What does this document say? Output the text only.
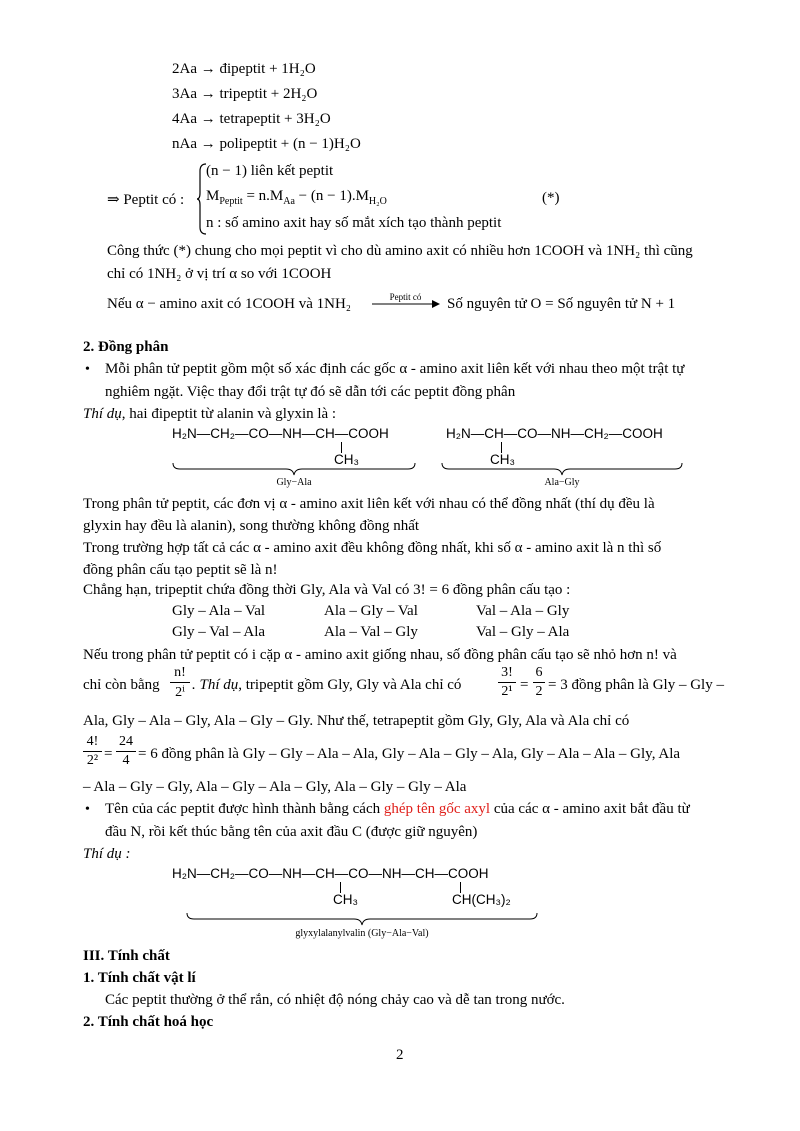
2Aa → đipeptit + 1H₂O
3Aa → tripeptit + 2H₂O
4Aa → tetrapeptit + 3H₂O
nAa → polipeptit + (n − 1)H₂O
⇒ Peptit có :
(n − 1) liên kết peptit
$M_{Peptit} = n.M_{Aa} - (n - 1).M_{H_2O}$
n : số amino axit hay số mắt xích tạo thành peptit
(*)
Công thức (*) chung cho mọi peptit vì cho dù amino axit có nhiều hơn 1COOH và 1NH₂ thì cũng
chỉ có 1NH₂ ở vị trí α so với 1COOH
Nếu α − amino axit có 1COOH và 1NH₂	Peptit có	Số nguyên tử O = Số nguyên tử N + 1
2. Đồng phân
• Mỗi phân tử peptit gồm một số xác định các gốc α - amino axit liên kết với nhau theo một trật tự
nghiêm ngặt. Việc thay đổi trật tự đó sẽ dẫn tới các peptit đồng phân
Thí dụ, hai đipeptit từ alanin và glyxin là :
H₂N—CH₂—CO—NH—CH—COOH
CH₃
Gly−Ala
H₂N—CH—CO—NH—CH₂—COOH
CH₃
Ala−Gly
Trong phân tử peptit, các đơn vị α - amino axit liên kết với nhau có thể đồng nhất (thí dụ đều là
glyxin hay đều là alanin), song thường không đồng nhất
Trong trường hợp tất cả các α - amino axit đều không đồng nhất, khi số α - amino axit là n thì số
đồng phân cấu tạo peptit sẽ là n!
Chẳng hạn, tripeptit chứa đồng thời Gly, Ala và Val có 3! = 6 đồng phân cấu tạo :
Gly – Ala – Val	Ala – Gly – Val	Val – Ala – Gly
Gly – Val – Ala	Ala – Val – Gly	Val – Gly – Ala
Nếu trong phân tử peptit có i cặp α - amino axit giống nhau, số đồng phân cấu tạo sẽ nhỏ hơn n! và
chỉ còn bằng
n!
2ⁱ . Thí dụ, tripeptit gồm Gly, Gly và Ala chỉ có
3!
2¹ =
6
2 = 3 đồng phân là Gly – Gly –
Ala, Gly – Ala – Gly, Ala – Gly – Gly. Như thế, tetrapeptit gồm Gly, Gly, Ala và Ala chỉ có
4!
2² =
24
4 = 6 đồng phân là Gly – Gly – Ala – Ala, Gly – Ala – Gly – Ala, Gly – Ala – Ala – Gly, Ala
– Ala – Gly – Gly, Ala – Gly – Ala – Gly, Ala – Gly – Gly – Ala
• Tên của các peptit được hình thành bằng cách ghép tên gốc axyl của các α - amino axit bắt đầu từ
đầu N, rồi kết thúc bằng tên của axit đầu C (được giữ nguyên)
Thí dụ :
H₂N—CH₂—CO—NH—CH—CO—NH—CH—COOH
CH₃	CH(CH₃)₂
glyxylalanylvalin (Gly−Ala−Val)
III. Tính chất
1. Tính chất vật lí
Các peptit thường ở thể rắn, có nhiệt độ nóng chảy cao và dễ tan trong nước.
2. Tính chất hoá học
2
